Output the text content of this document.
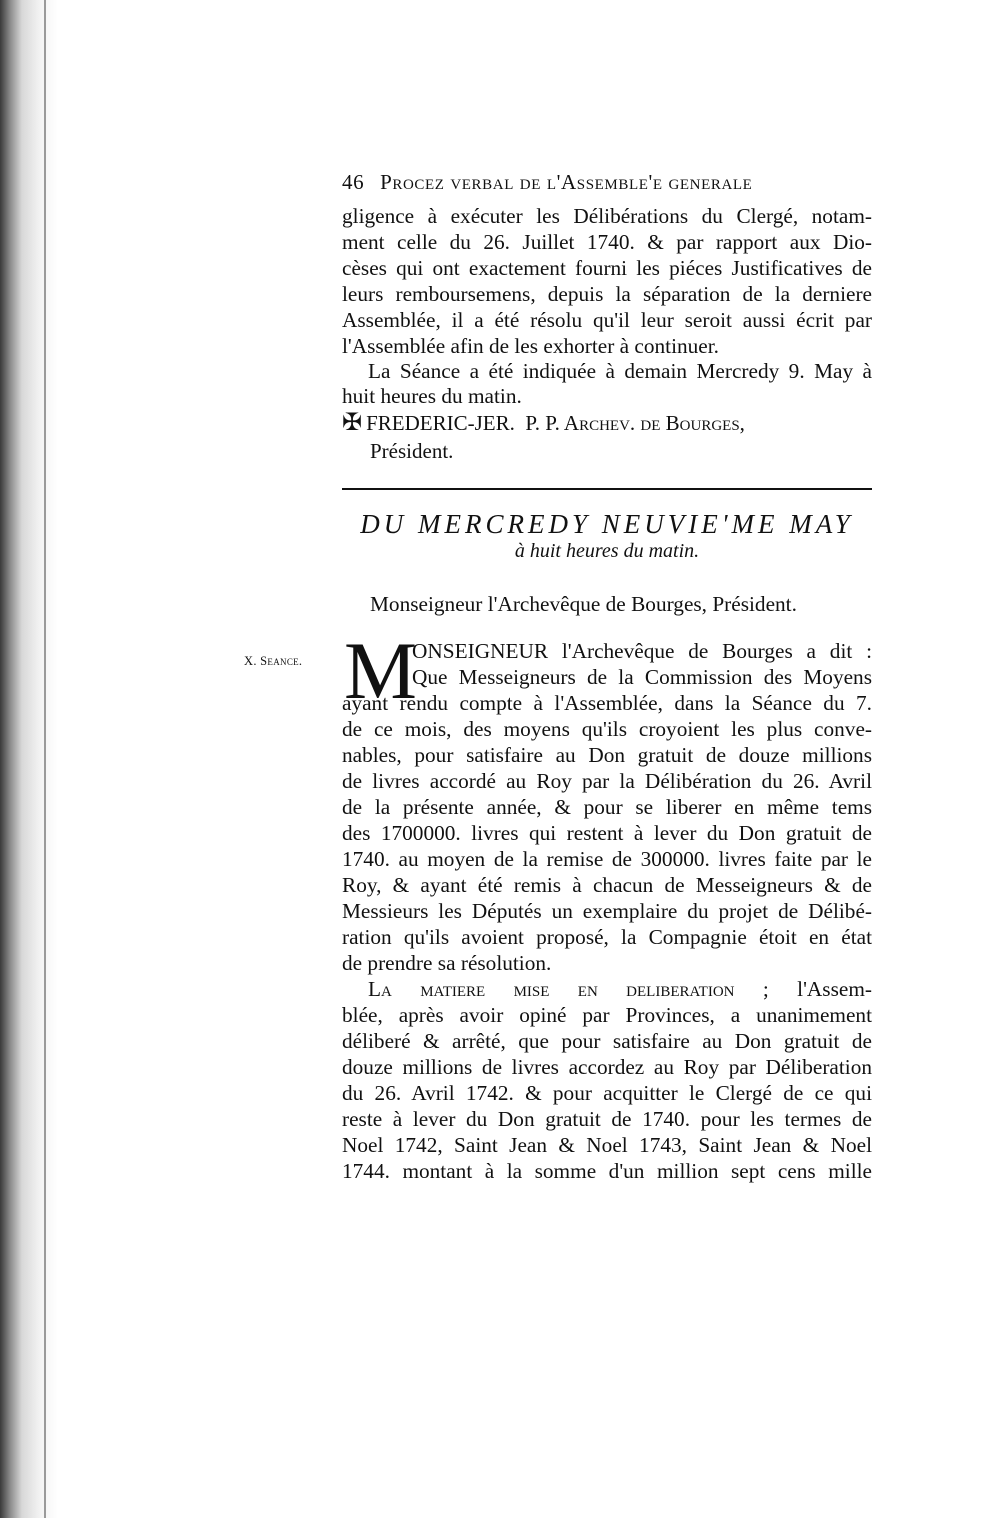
46 Procez verbal de l'Assemble'e generale
gligence à exécuter les Délibérations du Clergé, notam-
ment celle du 26. Juillet 1740. & par rapport aux Dio-
cèses qui ont exactement fourni les piéces Justificatives de
leurs remboursemens, depuis la séparation de la derniere
Assemblée, il a été résolu qu'il leur seroit aussi écrit par
l'Assemblée afin de les exhorter à continuer.
La Séance a été indiquée à demain Mercredy 9. May à
huit heures du matin.
✠ FREDERIC-JER. P. P. Archev. de Bourges,
Président.
DU MERCREDY NEUVIE'ME MAY
à huit heures du matin.
Monseigneur l'Archevêque de Bourges, Président.
X. Seance. M
ONSEIGNEUR l'Archevêque de Bourges a dit :
Que Messeigneurs de la Commission des Moyens
ayant rendu compte à l'Assemblée, dans la Séance du 7.
de ce mois, des moyens qu'ils croyoient les plus conve-
nables, pour satisfaire au Don gratuit de douze millions
de livres accordé au Roy par la Délibération du 26. Avril
de la présente année, & pour se liberer en même tems
des 1700000. livres qui restent à lever du Don gratuit de
1740. au moyen de la remise de 300000. livres faite par le
Roy, & ayant été remis à chacun de Messeigneurs & de
Messieurs les Députés un exemplaire du projet de Délibé-
ration qu'ils avoient proposé, la Compagnie étoit en état
de prendre sa résolution.
La matiere mise en deliberation ; l'Assem-
blée, après avoir opiné par Provinces, a unanimement
déliberé & arrêté, que pour satisfaire au Don gratuit de
douze millions de livres accordez au Roy par Déliberation
du 26. Avril 1742. & pour acquitter le Clergé de ce qui
reste à lever du Don gratuit de 1740. pour les termes de
Noel 1742, Saint Jean & Noel 1743, Saint Jean & Noel
1744. montant à la somme d'un million sept cens mille
